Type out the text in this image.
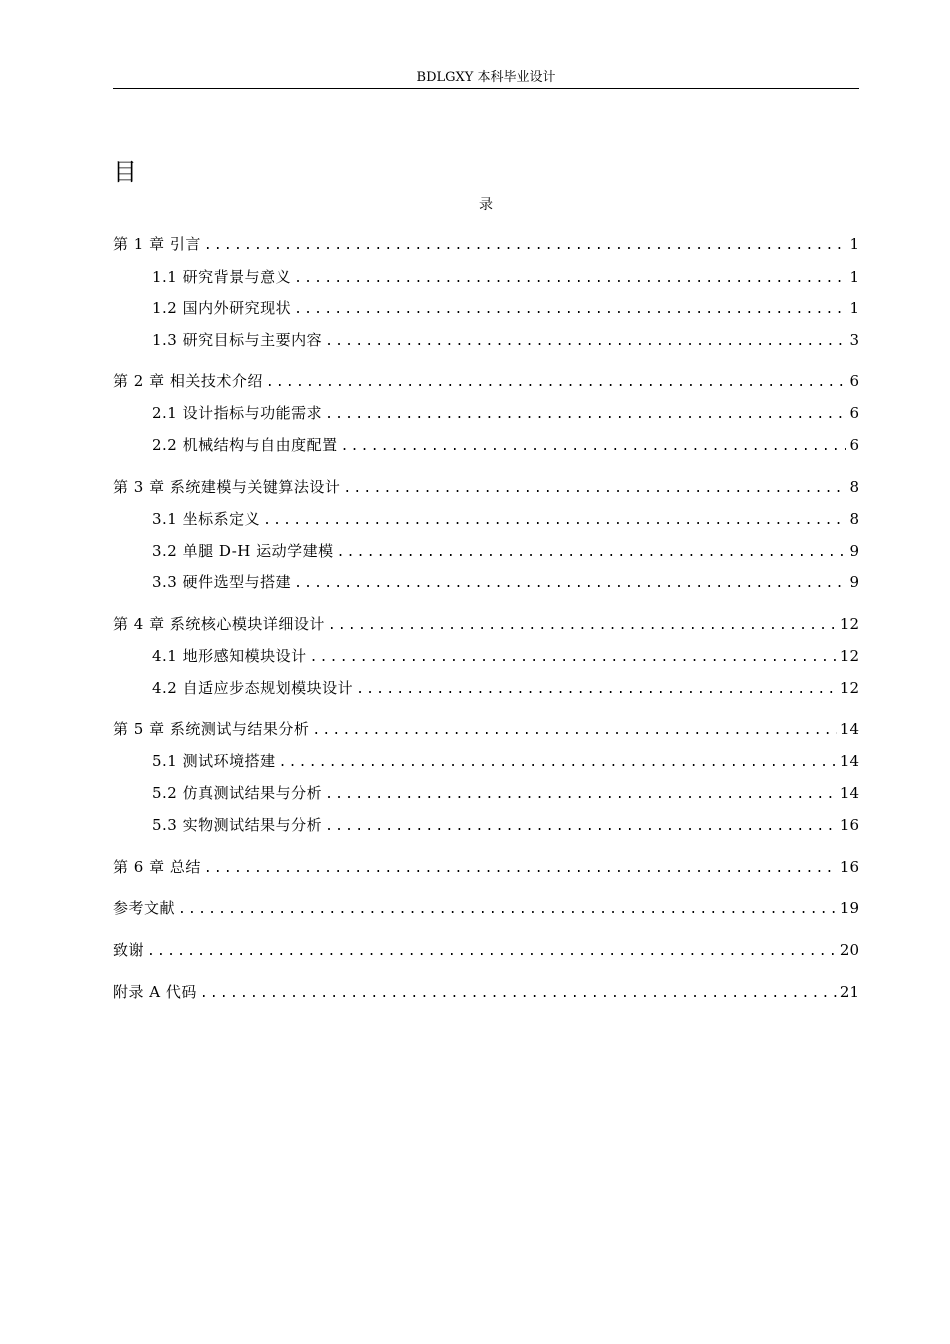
BDLGXY 本科毕业设计
目
录
第 1 章 引言 .....	1
1.1 研究背景与意义 .....	1
1.2 国内外研究现状 .....	1
1.3 研究目标与主要内容 .....	3
第 2 章 相关技术介绍 .....	6
2.1 设计指标与功能需求 .....	6
2.2 机械结构与自由度配置 .....	6
第 3 章 系统建模与关键算法设计 .....	8
3.1 坐标系定义 .....	8
3.2 单腿 D-H 运动学建模 .....	9
3.3 硬件选型与搭建 .....	9
第 4 章 系统核心模块详细设计 .....	12
4.1 地形感知模块设计 .....	12
4.2 自适应步态规划模块设计 .....	12
第 5 章 系统测试与结果分析 .....	14
5.1 测试环境搭建 .....	14
5.2 仿真测试结果与分析 .....	14
5.3 实物测试结果与分析 .....	16
第 6 章 总结 .....	16
参考文献 .....	19
致谢 .....	20
附录 A 代码 .....	21
